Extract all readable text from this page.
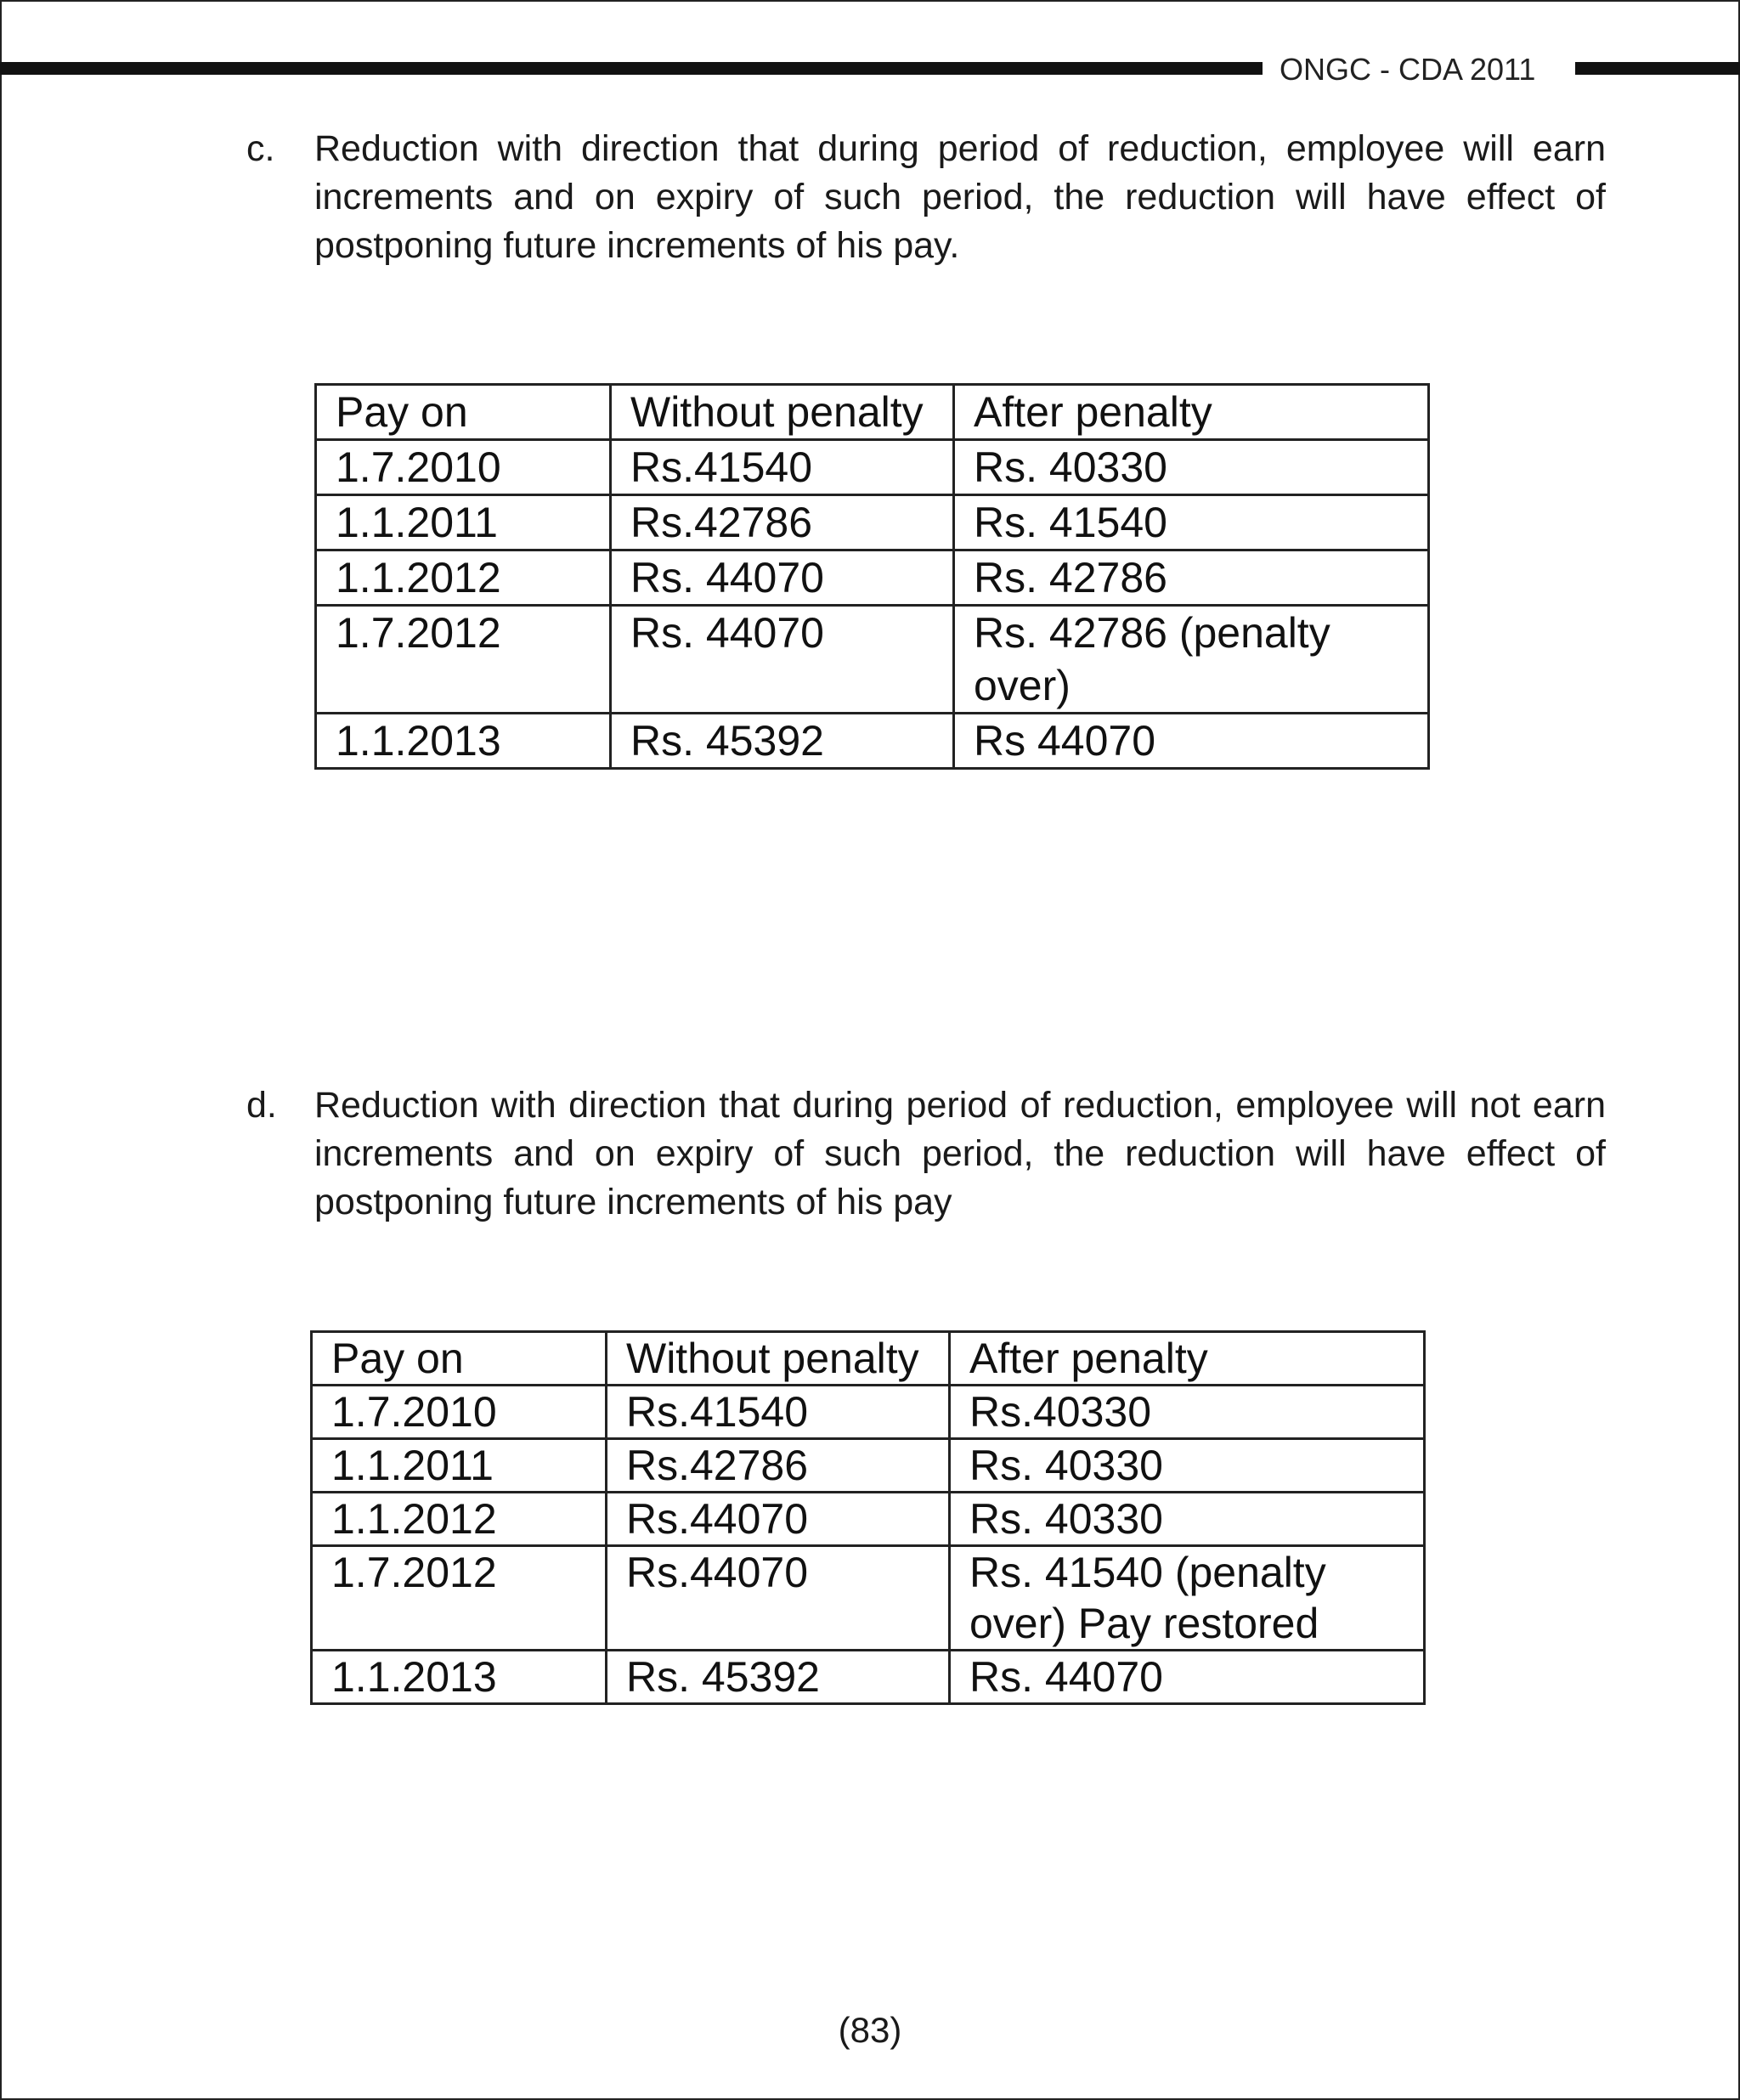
ONGC - CDA 2011
c. Reduction with direction that during period of reduction, employee will earn increments and on expiry of such period, the reduction will have effect of postponing future increments of his pay.
Pay on	Without penalty	After penalty
1.7.2010	Rs.41540	Rs. 40330
1.1.2011	Rs.42786	Rs. 41540
1.1.2012	Rs. 44070	Rs. 42786
1.7.2012	Rs. 44070	Rs. 42786 (penalty over)
1.1.2013	Rs. 45392	Rs 44070
d. Reduction with direction that during period of reduction, employee will not earn increments and on expiry of such period, the reduction will have effect of postponing future increments of his pay
Pay on	Without penalty	After penalty
1.7.2010	Rs.41540	Rs.40330
1.1.2011	Rs.42786	Rs. 40330
1.1.2012	Rs.44070	Rs. 40330
1.7.2012	Rs.44070	Rs. 41540 (penalty over) Pay restored
1.1.2013	Rs. 45392	Rs. 44070
(83)
